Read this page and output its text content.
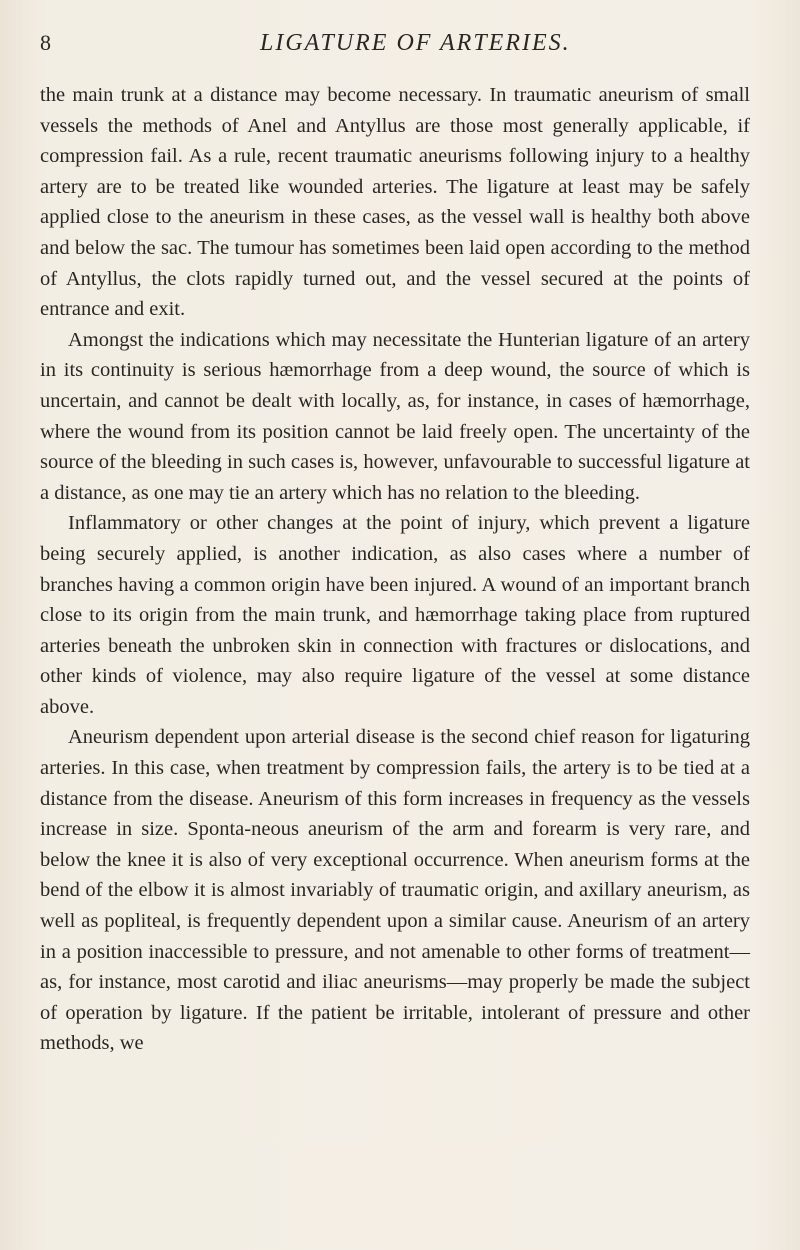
8	LIGATURE OF ARTERIES.

the main trunk at a distance may become necessary. In traumatic aneurism of small vessels the methods of Anel and Antyllus are those most generally applicable, if compression fail. As a rule, recent traumatic aneurisms following injury to a healthy artery are to be treated like wounded arteries. The ligature at least may be safely applied close to the aneurism in these cases, as the vessel wall is healthy both above and below the sac. The tumour has sometimes been laid open according to the method of Antyllus, the clots rapidly turned out, and the vessel secured at the points of entrance and exit.

Amongst the indications which may necessitate the Hunterian ligature of an artery in its continuity is serious hæmorrhage from a deep wound, the source of which is uncertain, and cannot be dealt with locally, as, for instance, in cases of hæmorrhage, where the wound from its position cannot be laid freely open. The uncertainty of the source of the bleeding in such cases is, however, unfavourable to successful ligature at a distance, as one may tie an artery which has no relation to the bleeding.

Inflammatory or other changes at the point of injury, which prevent a ligature being securely applied, is another indication, as also cases where a number of branches having a common origin have been injured. A wound of an important branch close to its origin from the main trunk, and hæmorrhage taking place from ruptured arteries beneath the unbroken skin in connection with fractures or dislocations, and other kinds of violence, may also require ligature of the vessel at some distance above.

Aneurism dependent upon arterial disease is the second chief reason for ligaturing arteries. In this case, when treatment by compression fails, the artery is to be tied at a distance from the disease. Aneurism of this form increases in frequency as the vessels increase in size. Sponta-neous aneurism of the arm and forearm is very rare, and below the knee it is also of very exceptional occurrence. When aneurism forms at the bend of the elbow it is almost invariably of traumatic origin, and axillary aneurism, as well as popliteal, is frequently dependent upon a similar cause. Aneurism of an artery in a position inaccessible to pressure, and not amenable to other forms of treatment—as, for instance, most carotid and iliac aneurisms—may properly be made the subject of operation by ligature. If the patient be irritable, intolerant of pressure and other methods, we
